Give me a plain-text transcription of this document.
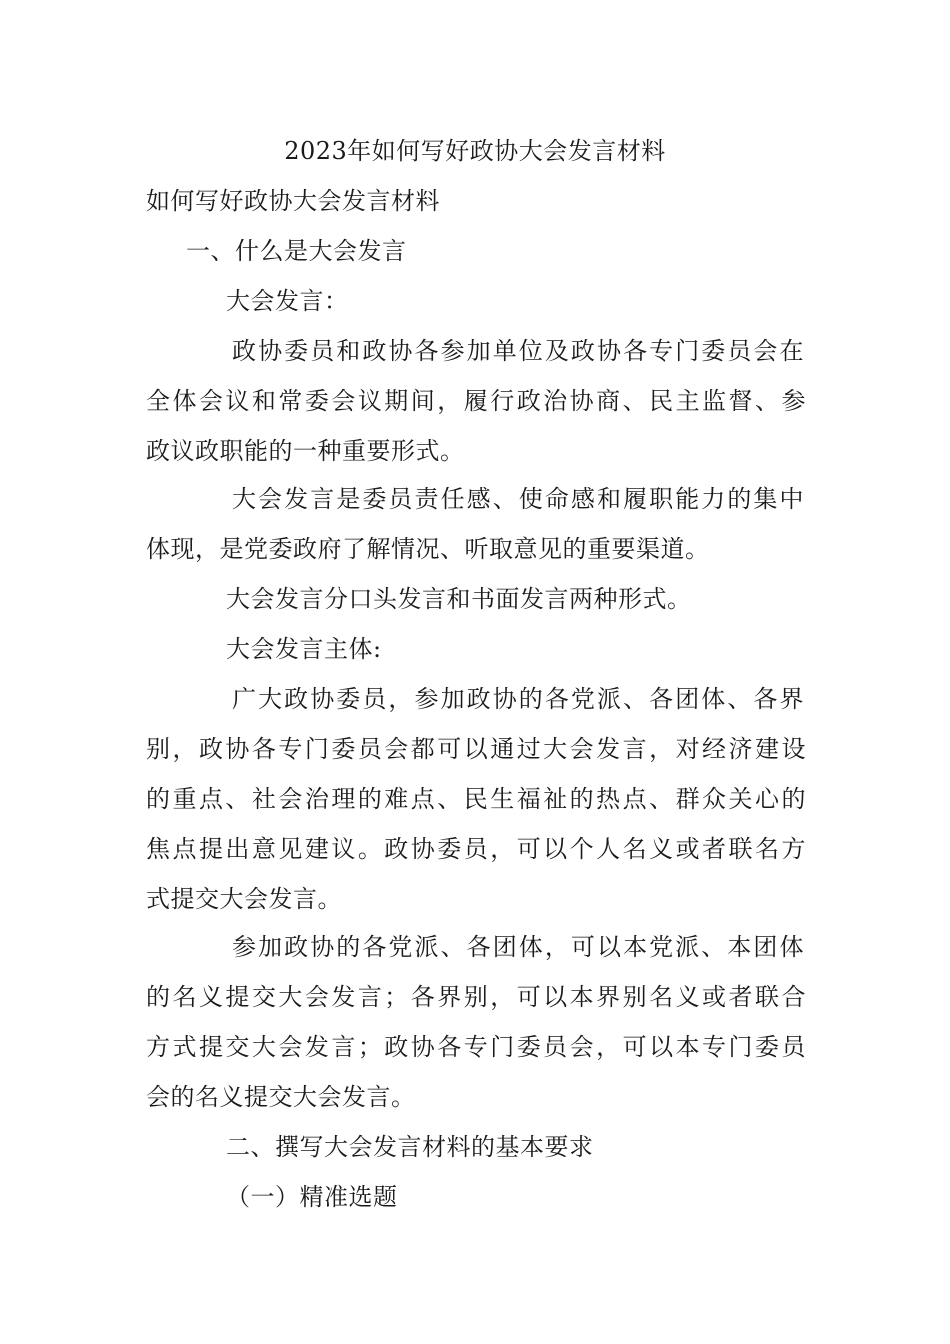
2023年如何写好政协大会发言材料
如何写好政协大会发言材料
一、什么是大会发言
大会发言：
政协委员和政协各参加单位及政协各专门委员会在
全体会议和常委会议期间，履行政治协商、民主监督、参
政议政职能的一种重要形式。
大会发言是委员责任感、使命感和履职能力的集中
体现，是党委政府了解情况、听取意见的重要渠道。
大会发言分口头发言和书面发言两种形式。
大会发言主体:
广大政协委员，参加政协的各党派、各团体、各界
别，政协各专门委员会都可以通过大会发言，对经济建设
的重点、社会治理的难点、民生福祉的热点、群众关心的
焦点提出意见建议。政协委员，可以个人名义或者联名方
式提交大会发言。
参加政协的各党派、各团体，可以本党派、本团体
的名义提交大会发言；各界别，可以本界别名义或者联合
方式提交大会发言；政协各专门委员会，可以本专门委员
会的名义提交大会发言。
二、撰写大会发言材料的基本要求
（一）精准选题
